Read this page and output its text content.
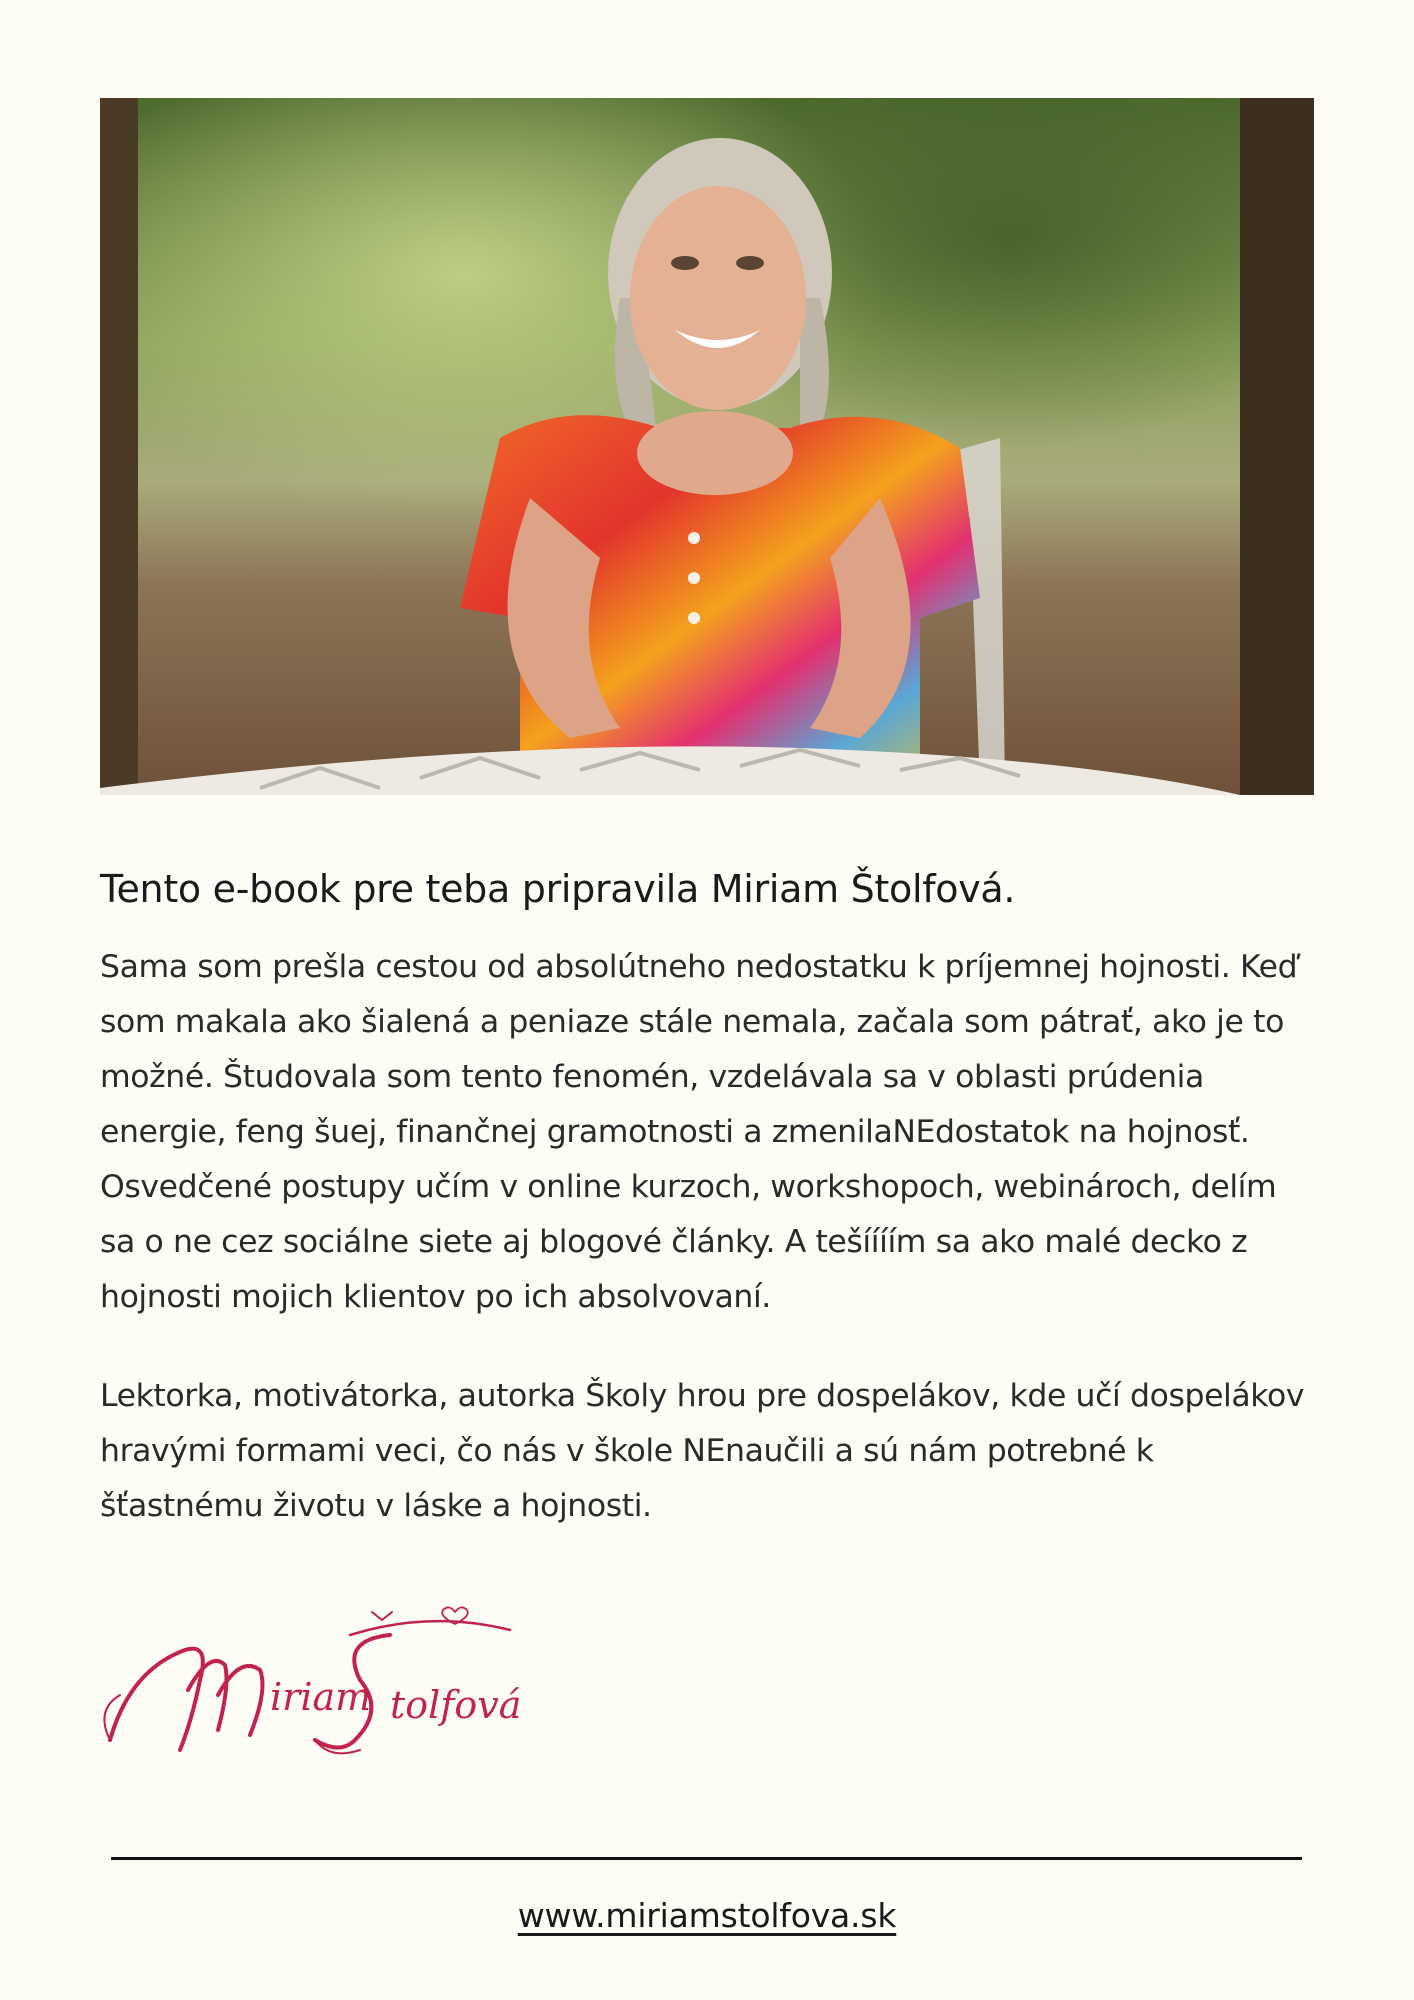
Tento e-book pre teba pripravila Miriam Štolfová.

Sama som prešla cestou od absolútneho nedostatku k príjemnej hojnosti. Keď som makala ako šialená a peniaze stále nemala, začala som pátrať, ako je to možné. Študovala som tento fenomén, vzdelávala sa v oblasti prúdenia energie, feng šuej, finančnej gramotnosti a zmenilaNEdostatok na hojnosť. Osvedčené postupy učím v online kurzoch, workshopoch, webinároch, delím sa o ne cez sociálne siete aj blogové články. A tešíííím sa ako malé decko z hojnosti mojich klientov po ich absolvovaní.

Lektorka, motivátorka, autorka Školy hrou pre dospelákov, kde učí dospelákov hravými formami veci, čo nás v škole NEnaučili a sú nám potrebné k šťastnému životu v láske a hojnosti.

iriam tolfová
www.miriamstolfova.sk
